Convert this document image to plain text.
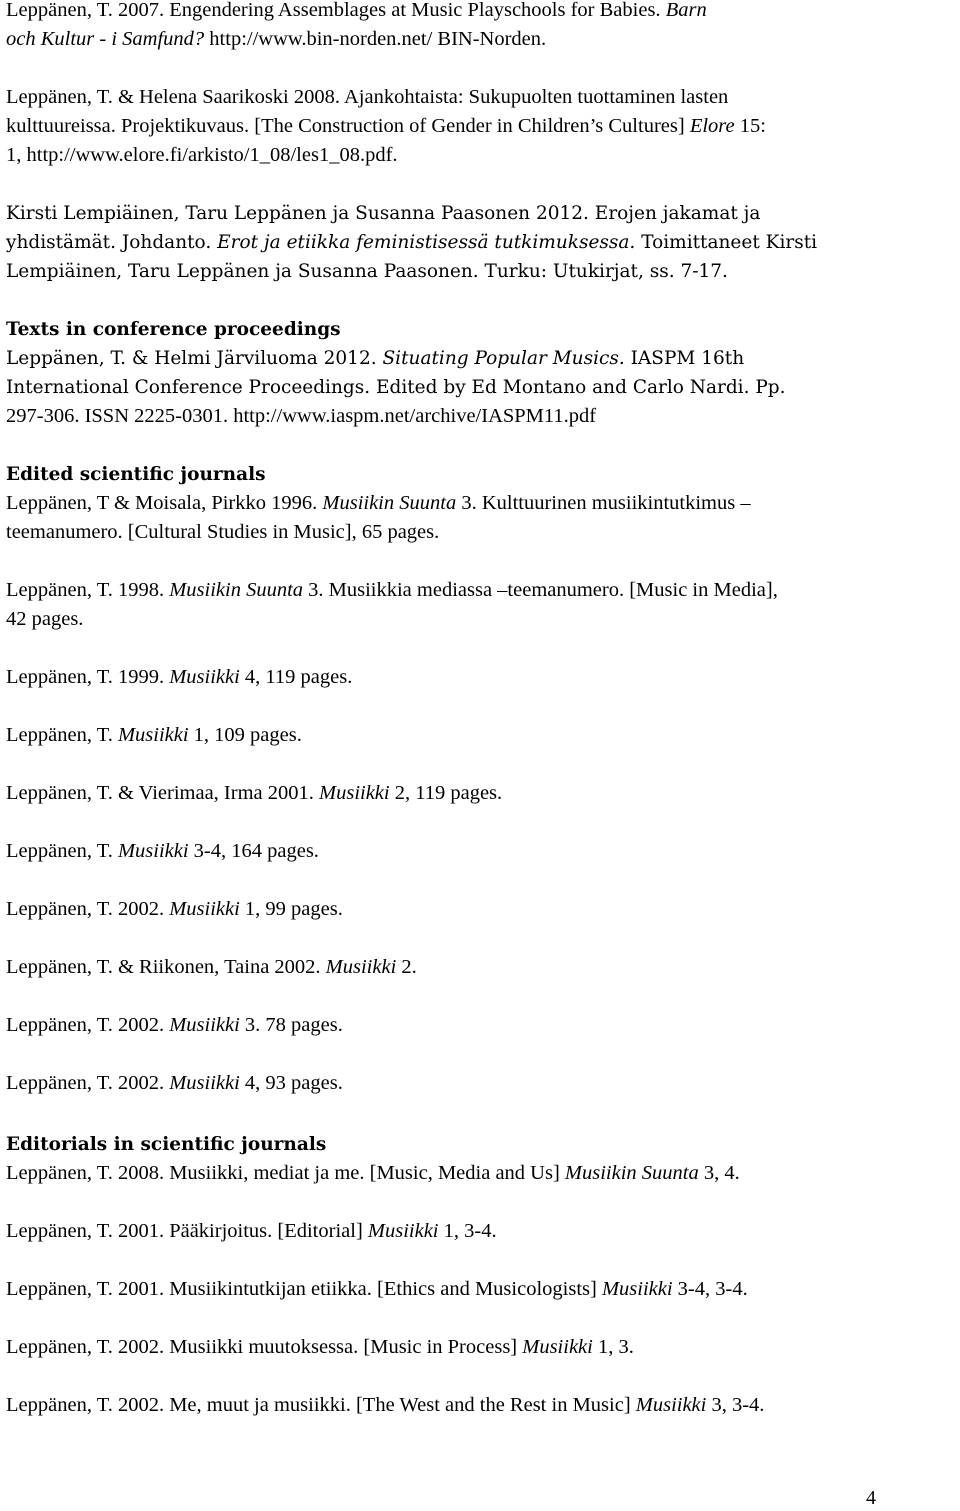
Leppänen, T. 2007. Engendering Assemblages at Music Playschools for Babies. Barn

och Kultur - i Samfund? http://www.bin-norden.net/ BIN-Norden.

Leppänen, T. & Helena Saarikoski 2008. Ajankohtaista: Sukupuolten tuottaminen lasten

kulttuureissa. Projektikuvaus. [The Construction of Gender in Children’s Cultures] Elore 15:

1, http://www.elore.fi/arkisto/1_08/les1_08.pdf.

Kirsti Lempiäinen, Taru Leppänen ja Susanna Paasonen 2012. Erojen jakamat ja

yhdistämät. Johdanto. Erot ja etiikka feministisessä tutkimuksessa. Toimittaneet Kirsti

Lempiäinen, Taru Leppänen ja Susanna Paasonen. Turku: Utukirjat, ss. 7-17.

Texts in conference proceedings

Leppänen, T. & Helmi Järviluoma 2012. Situating Popular Musics. IASPM 16th

International Conference Proceedings. Edited by Ed Montano and Carlo Nardi. Pp.

297-306. ISSN 2225-0301. http://www.iaspm.net/archive/IASPM11.pdf

Edited scientific journals

Leppänen, T & Moisala, Pirkko 1996. Musiikin Suunta 3. Kulttuurinen musiikintutkimus –

teemanumero. [Cultural Studies in Music], 65 pages.

Leppänen, T. 1998. Musiikin Suunta 3. Musiikkia mediassa –teemanumero. [Music in Media],

42 pages.

Leppänen, T. 1999. Musiikki 4, 119 pages.

Leppänen, T. Musiikki 1, 109 pages.

Leppänen, T. & Vierimaa, Irma 2001. Musiikki 2, 119 pages.

Leppänen, T. Musiikki 3-4, 164 pages.

Leppänen, T. 2002. Musiikki 1, 99 pages.

Leppänen, T. & Riikonen, Taina 2002. Musiikki 2.

Leppänen, T. 2002. Musiikki 3. 78 pages.

Leppänen, T. 2002. Musiikki 4, 93 pages.

Editorials in scientific journals

Leppänen, T. 2008. Musiikki, mediat ja me. [Music, Media and Us] Musiikin Suunta 3, 4.

Leppänen, T. 2001. Pääkirjoitus. [Editorial] Musiikki 1, 3-4.

Leppänen, T. 2001. Musiikintutkijan etiikka. [Ethics and Musicologists] Musiikki 3-4, 3-4.

Leppänen, T. 2002. Musiikki muutoksessa. [Music in Process] Musiikki 1, 3.

Leppänen, T. 2002. Me, muut ja musiikki. [The West and the Rest in Music] Musiikki 3, 3-4.

4
